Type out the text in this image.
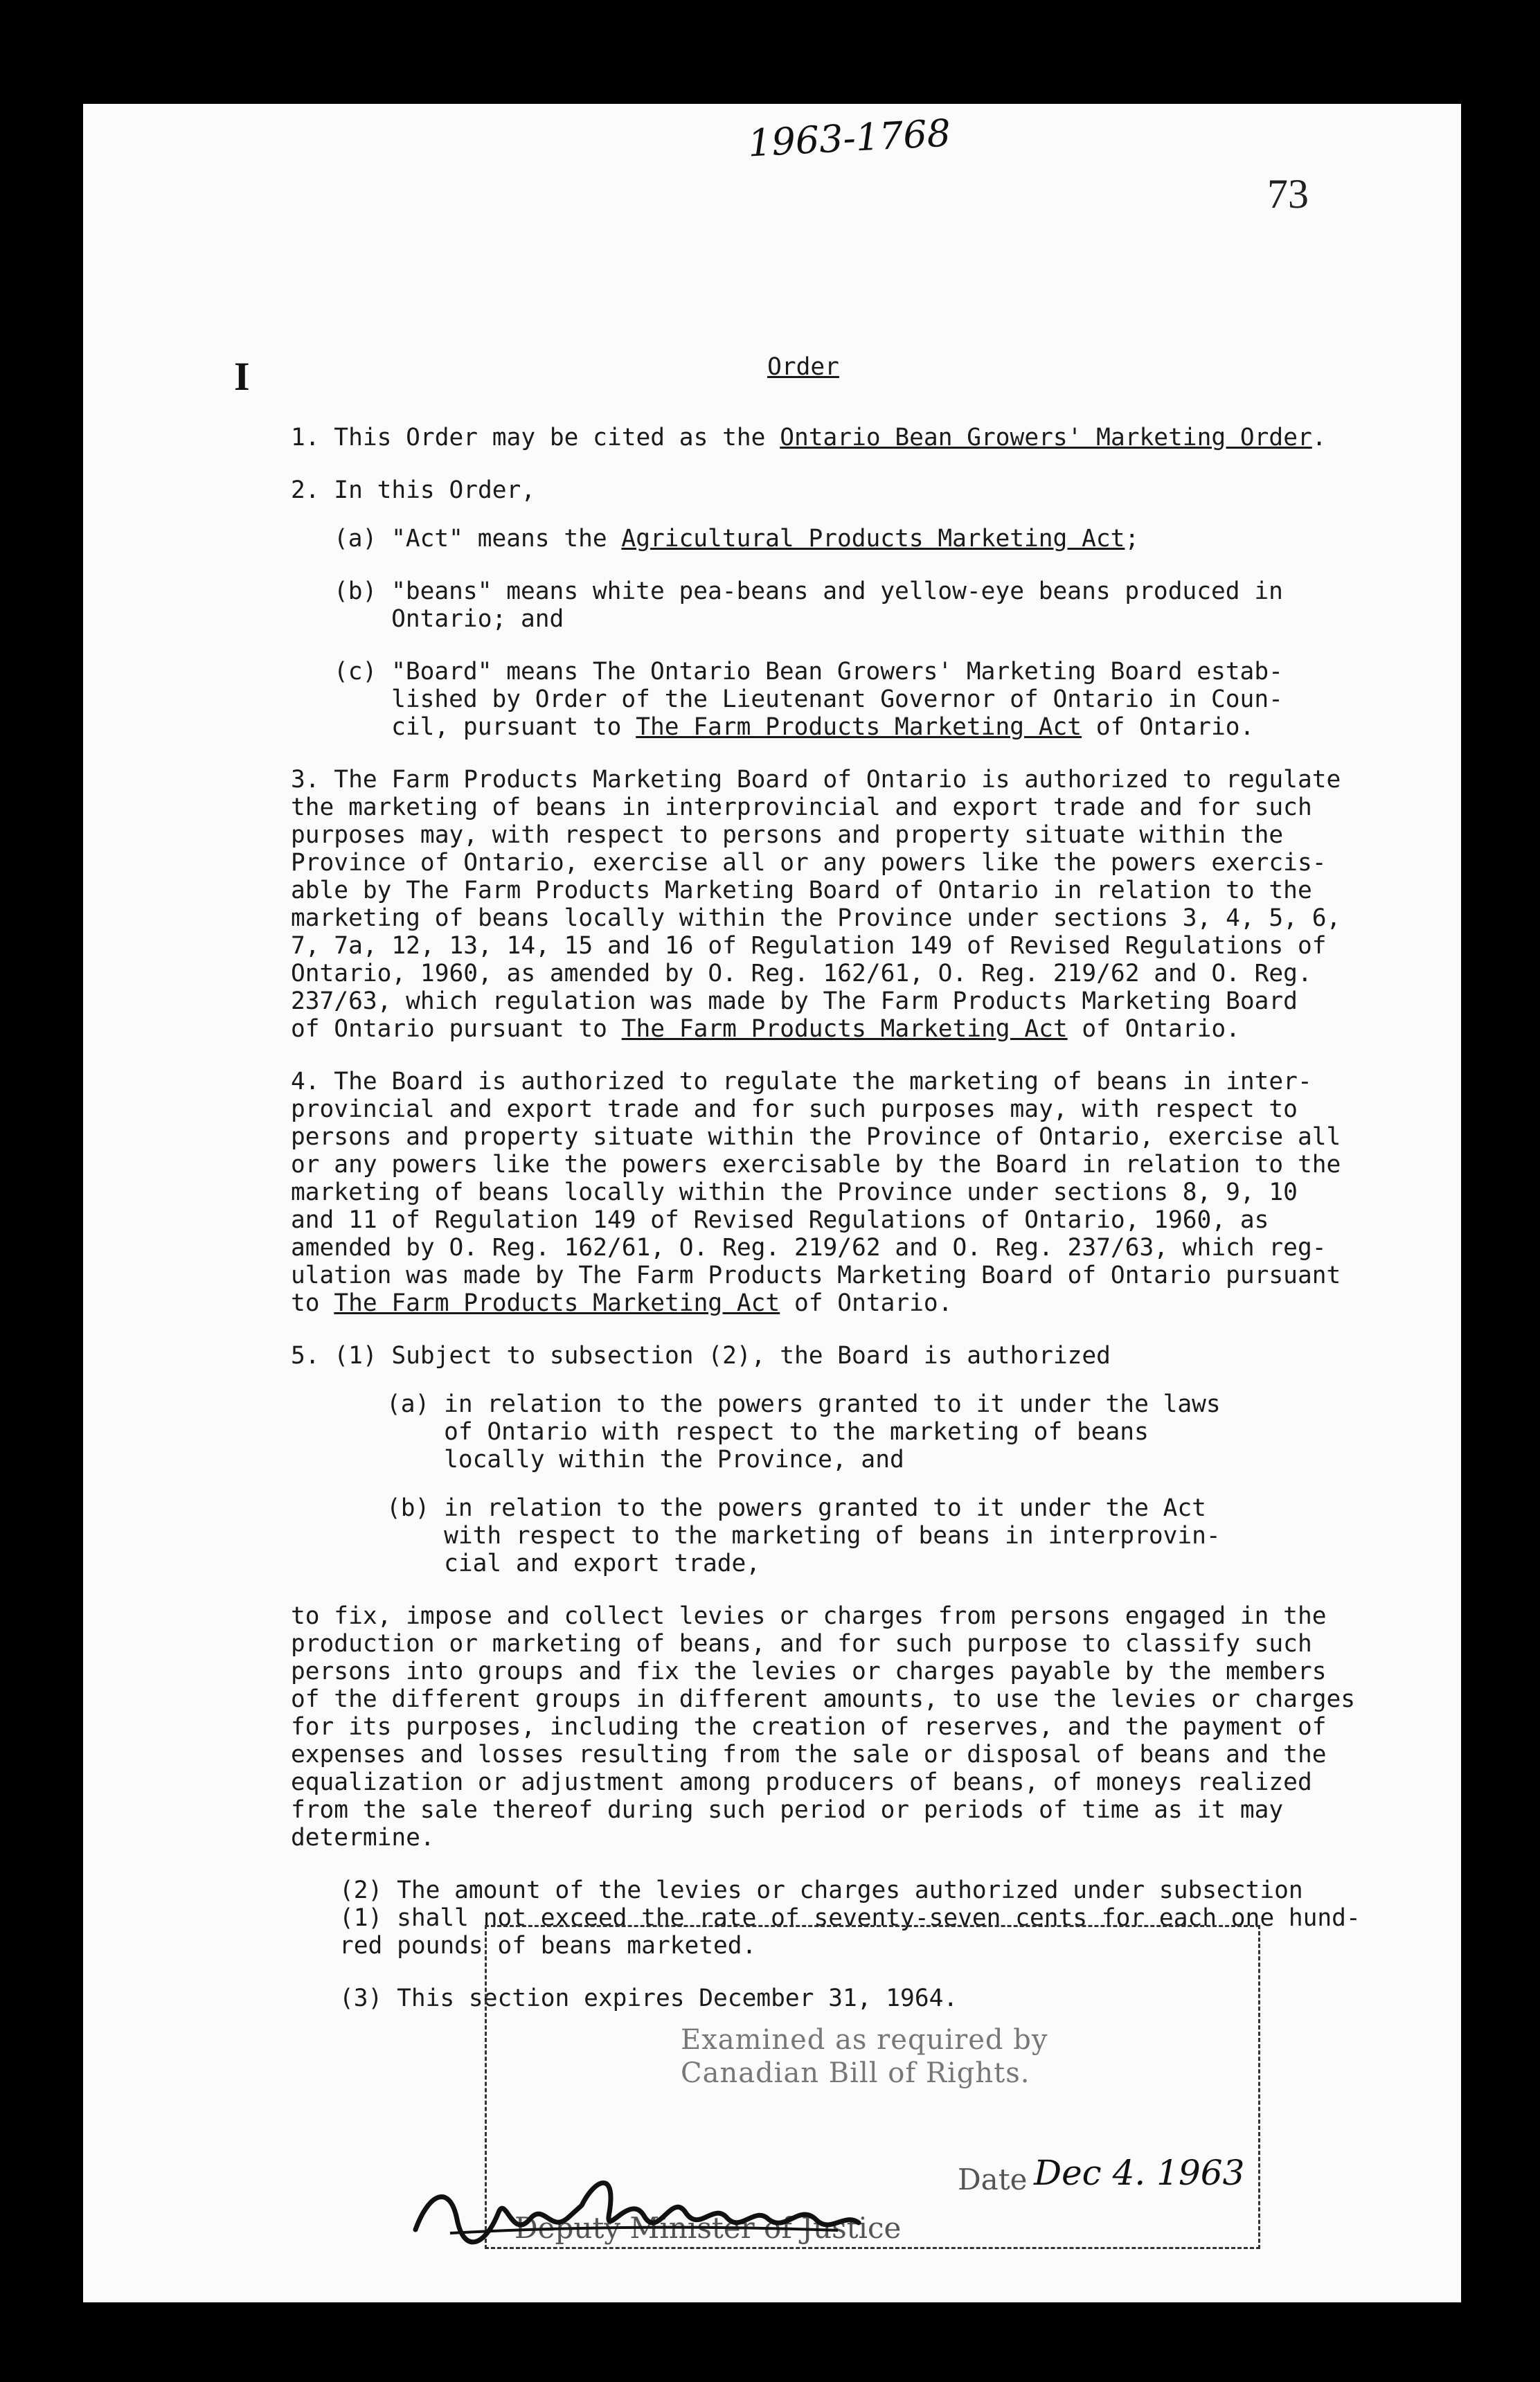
1963-1768
73
I	Order

1. This Order may be cited as the Ontario Bean Growers' Marketing Order.

2. In this Order,

(a) "Act" means the Agricultural Products Marketing Act;

(b) "beans" means white pea-beans and yellow-eye beans produced in
Ontario; and

(c) "Board" means The Ontario Bean Growers' Marketing Board estab-
lished by Order of the Lieutenant Governor of Ontario in Coun-
cil, pursuant to The Farm Products Marketing Act of Ontario.

3. The Farm Products Marketing Board of Ontario is authorized to regulate
the marketing of beans in interprovincial and export trade and for such
purposes may, with respect to persons and property situate within the
Province of Ontario, exercise all or any powers like the powers exercis-
able by The Farm Products Marketing Board of Ontario in relation to the
marketing of beans locally within the Province under sections 3, 4, 5, 6,
7, 7a, 12, 13, 14, 15 and 16 of Regulation 149 of Revised Regulations of
Ontario, 1960, as amended by O. Reg. 162/61, O. Reg. 219/62 and O. Reg.
237/63, which regulation was made by The Farm Products Marketing Board
of Ontario pursuant to The Farm Products Marketing Act of Ontario.

4. The Board is authorized to regulate the marketing of beans in inter-
provincial and export trade and for such purposes may, with respect to
persons and property situate within the Province of Ontario, exercise all
or any powers like the powers exercisable by the Board in relation to the
marketing of beans locally within the Province under sections 8, 9, 10
and 11 of Regulation 149 of Revised Regulations of Ontario, 1960, as
amended by O. Reg. 162/61, O. Reg. 219/62 and O. Reg. 237/63, which reg-
ulation was made by The Farm Products Marketing Board of Ontario pursuant
to The Farm Products Marketing Act of Ontario.

5. (1) Subject to subsection (2), the Board is authorized

(a) in relation to the powers granted to it under the laws
of Ontario with respect to the marketing of beans
locally within the Province, and

(b) in relation to the powers granted to it under the Act
with respect to the marketing of beans in interprovin-
cial and export trade,

to fix, impose and collect levies or charges from persons engaged in the
production or marketing of beans, and for such purpose to classify such
persons into groups and fix the levies or charges payable by the members
of the different groups in different amounts, to use the levies or charges
for its purposes, including the creation of reserves, and the payment of
expenses and losses resulting from the sale or disposal of beans and the
equalization or adjustment among producers of beans, of moneys realized
from the sale thereof during such period or periods of time as it may
determine.

(2) The amount of the levies or charges authorized under subsection
(1) shall not exceed the rate of seventy-seven cents for each one hund-
red pounds of beans marketed.

(3) This section expires December 31, 1964.

Examined as required by
Canadian Bill of Rights.
Date Dec 4. 1963
Deputy Minister of Justice
